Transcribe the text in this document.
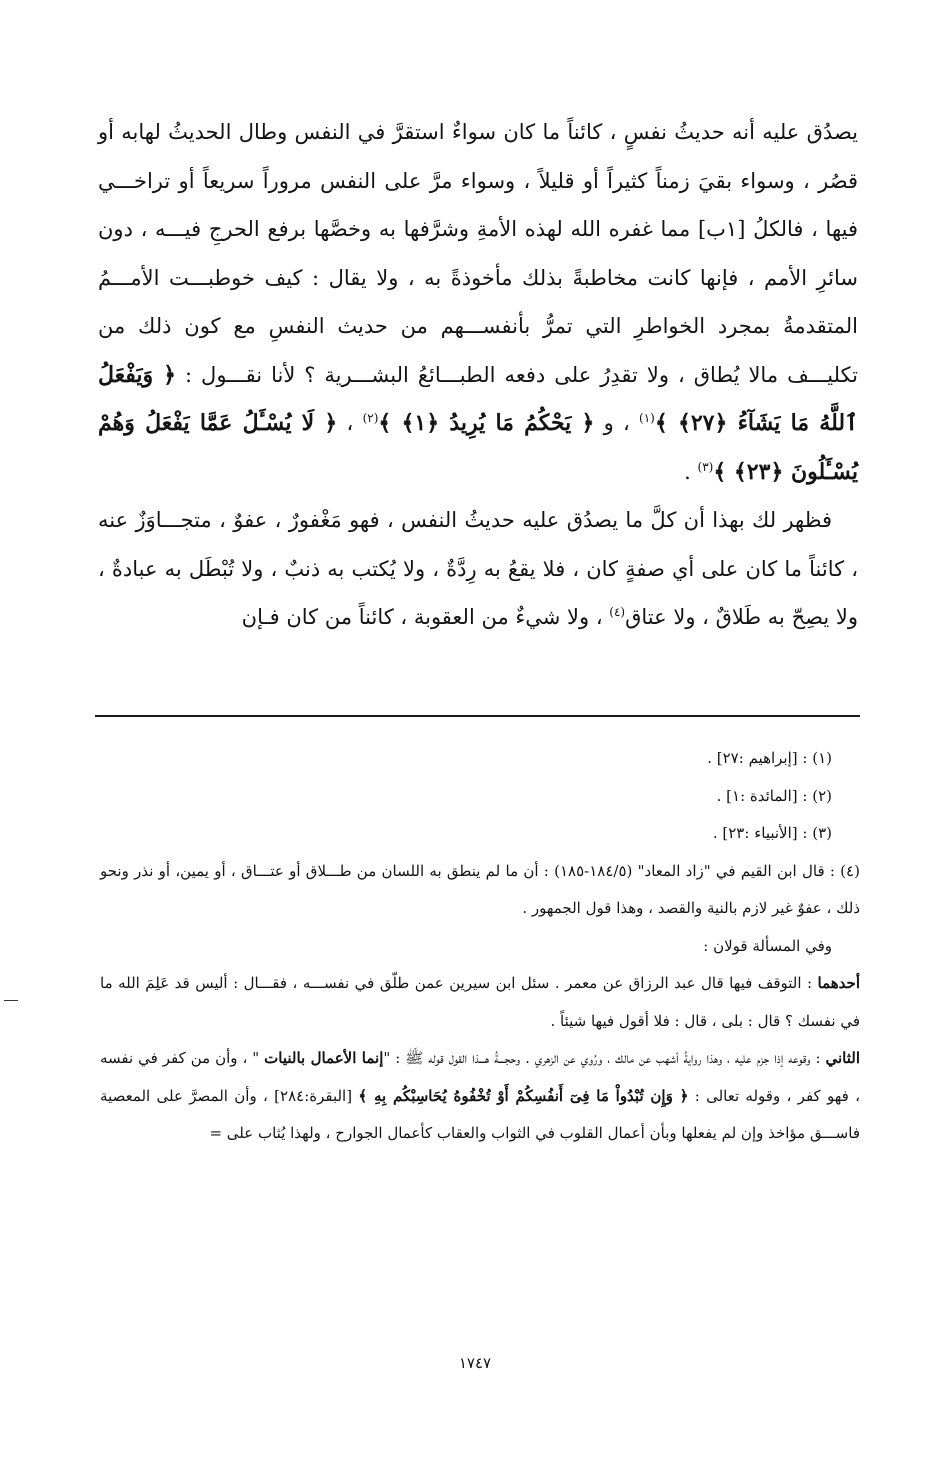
يصدُق عليه أنه حديثُ نفسٍ ، كائناً ما كان سواءٌ استقرَّ في النفس وطال الحديثُ لهابه أو قصُر ، وسواء بقيَ زمناً كثيراً أو قليلاً ، وسواء مرَّ على النفس مروراً سريعاً أو تراخـــي فيها ، فالكلُ [١ب] مما غفره الله لهذه الأمةِ وشرَّفها به وخصَّها برفع الحرجِ فيـــه ، دون سائرِ الأمم ، فإنها كانت مخاطبةً بذلك مأخوذةً به ، ولا يقال : كيف خوطبـــت الأمـــمُ المتقدمةُ بمجرد الخواطرِ التي تمرُّ بأنفســـهم من حديث النفسِ مع كون ذلك من تكليـــف مالا يُطاق ، ولا تقدِرُ على دفعه الطبـــائعُ البشـــرية ؟ لأنا نقـــول : ﴿ وَيَفْعَلُ ٱللَّهُ مَا يَشَآءُ ﴿٢٧﴾ ﴾$^{(١)}$ ، و ﴿ يَحْكُمُ مَا يُرِيدُ ﴿١﴾ ﴾$^{(٢)}$ ، ﴿ لَا يُسْـَٔلُ عَمَّا يَفْعَلُ وَهُمْ يُسْـَٔلُونَ ﴿٢٣﴾ ﴾$^{(٣)}$ .

فظهر لك بهذا أن كلَّ ما يصدُق عليه حديثُ النفس ، فهو مَغْفورٌ ، عفوٌ ، متجـــاوَزٌ عنه ، كائناً ما كان على أي صفةٍ كان ، فلا يقعُ به رِدَّةٌ ، ولا يُكتب به ذنبٌ ، ولا تُبْطَل به عبادةٌ ، ولا يصِحّ به طَلاقٌ ، ولا عتاق$^{(٤)}$ ، ولا شيءٌ من العقوبة ، كائناً من كان فـإن

(١) : [إبراهيم :٢٧] .
(٢) : [المائدة :١] .
(٣) : [الأنبياء :٢٣] .
(٤) : قال ابن القيم في "زاد المعاد" (١٨٤/٥-١٨٥) : أن ما لم ينطق به اللسان من طـــلاق أو عتـــاق ، أو يمين، أو نذر ونحو ذلك ، عفوٌ غير لازم بالنية والقصد ، وهذا قول الجمهور .
وفي المسألة قولان :
أحدهما : التوقف فيها قال عبد الرزاق عن معمر . سئل ابن سيرين عمن طلّق في نفســـه ، فقـــال : أليس قد عَلِمَ الله ما في نفسك ؟ قال : بلى ، قال : فلا أقول فيها شيئاً .
الثاني : وقوعه إذا جزم عليه ، وهذا روايةُ أشهب عن مالك ، ورُوي عن الزهري . وحجـــةُ هـــذا القول قوله ﷺ : "إنما الأعمال بالنيات " ، وأن من كفر في نفسه ، فهو كفر ، وقوله تعالى : ﴿ وَإِن تُبْدُواْ مَا فِىٓ أَنفُسِكُمْ أَوْ تُخْفُوهُ يُحَاسِبْكُم بِهِ ﴾ [البقرة:٢٨٤] ، وأن المصرَّ على المعصية فاســـق مؤاخذ وإن لم يفعلها وبأن أعمال القلوب في الثواب والعقاب كأعمال الجوارح ، ولهذا يُثاب على =
١٧٤٧
